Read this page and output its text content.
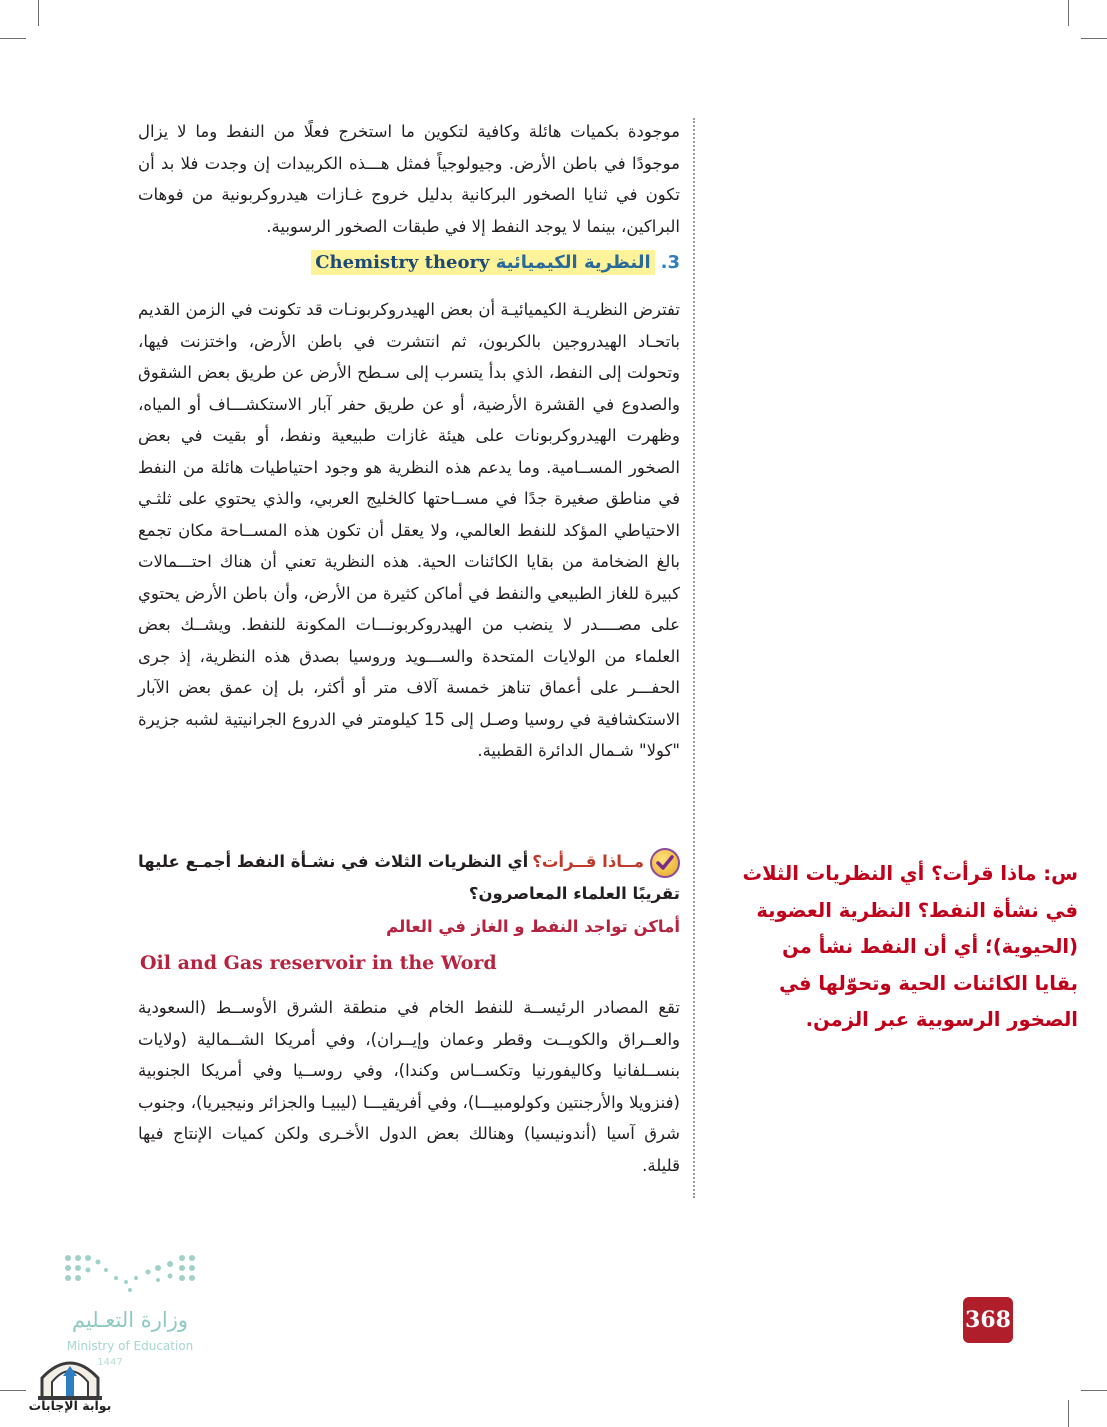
موجودة بكميات هائلة وكافية لتكوين ما استخرج فعلًا من النفط وما لا يزال موجودًا في باطن الأرض. وجيولوجياً فمثل هـــذه الكربيدات إن وجدت فلا بد أن تكون في ثنايا الصخور البركانية بدليل خروج غـازات هيدروكربونية من فوهات البراكين، بينما لا يوجد النفط إلا في طبقات الصخور الرسوبية.

3.النظرية الكيميائية Chemistry theory

تفترض النظريـة الكيميائيـة أن بعض الهيدروكربونـات قد تكونت في الزمن القديم باتحـاد الهيدروجين بالكربون، ثم انتشرت في باطن الأرض، واختزنت فيها، وتحولت إلى النفط، الذي بدأ يتسرب إلى سـطح الأرض عن طريق بعض الشقوق والصدوع في القشرة الأرضية، أو عن طريق حفر آبار الاستكشـــاف أو المياه، وظهرت الهيدروكربونات على هيئة غازات طبيعية ونفط، أو بقيت في بعض الصخور المســامية. وما يدعم هذه النظرية هو وجود احتياطيات هائلة من النفط في مناطق صغيرة جدًا في مســاحتها كالخليج العربي، والذي يحتوي على ثلثـي الاحتياطي المؤكد للنفط العالمي، ولا يعقل أن تكون هذه المســاحة مكان تجمع بالغ الضخامة من بقايا الكائنات الحية. هذه النظرية تعني أن هناك احتـــمالات كبيرة للغاز الطبيعي والنفط في أماكن كثيرة من الأرض، وأن باطن الأرض يحتوي على مصــــدر لا ينضب من الهيدروكربونـــات المكونة للنفط. ويشــك بعض العلماء من الولايات المتحدة والســـويد وروسيا بصدق هذه النظرية، إذ جرى الحفـــر على أعماق تناهز خمسة آلاف متر أو أكثر، بل إن عمق بعض الآبار الاستكشافية في روسيا وصـل إلى 15 كيلومتر في الدروع الجرانيتية لشبه جزيرة "كولا" شـمال الدائرة القطبية.

مــاذا قــرأت؟أي النظريات الثلاث في نشـأة النفط أجمـع عليها تقريبًا العلماء المعاصرون؟

أماكن تواجد النفط و الغاز في العالم
Oil and Gas reservoir in the Word

تقع المصادر الرئيســة للنفط الخام في منطقة الشرق الأوســط (السعودية والعــراق والكويــت وقطر وعمان وإيــران)، وفي أمريكا الشــمالية (ولايات بنســلفانيا وكاليفورنيا وتكســاس وكندا)، وفي روســيا وفي أمريكا الجنوبية (فنزويلا والأرجنتين وكولومبيـــا)، وفي أفريقيـــا (ليبيـا والجزائر ونيجيريا)، وجنوب شرق آسيا (أندونيسيا) وهنالك بعض الدول الأخـرى ولكن كميات الإنتاج فيها قليلة.

س: ماذا قرأت؟ أي النظريات الثلاث في نشأة النفط؟ النظرية العضوية (الحيوية)؛ أي أن النفط نشأ من بقايا الكائنات الحية وتحوّلها في الصخور الرسوبية عبر الزمن.
368
وزارة التعـليم
Ministry of Education
1447
بوابة الإجابات
